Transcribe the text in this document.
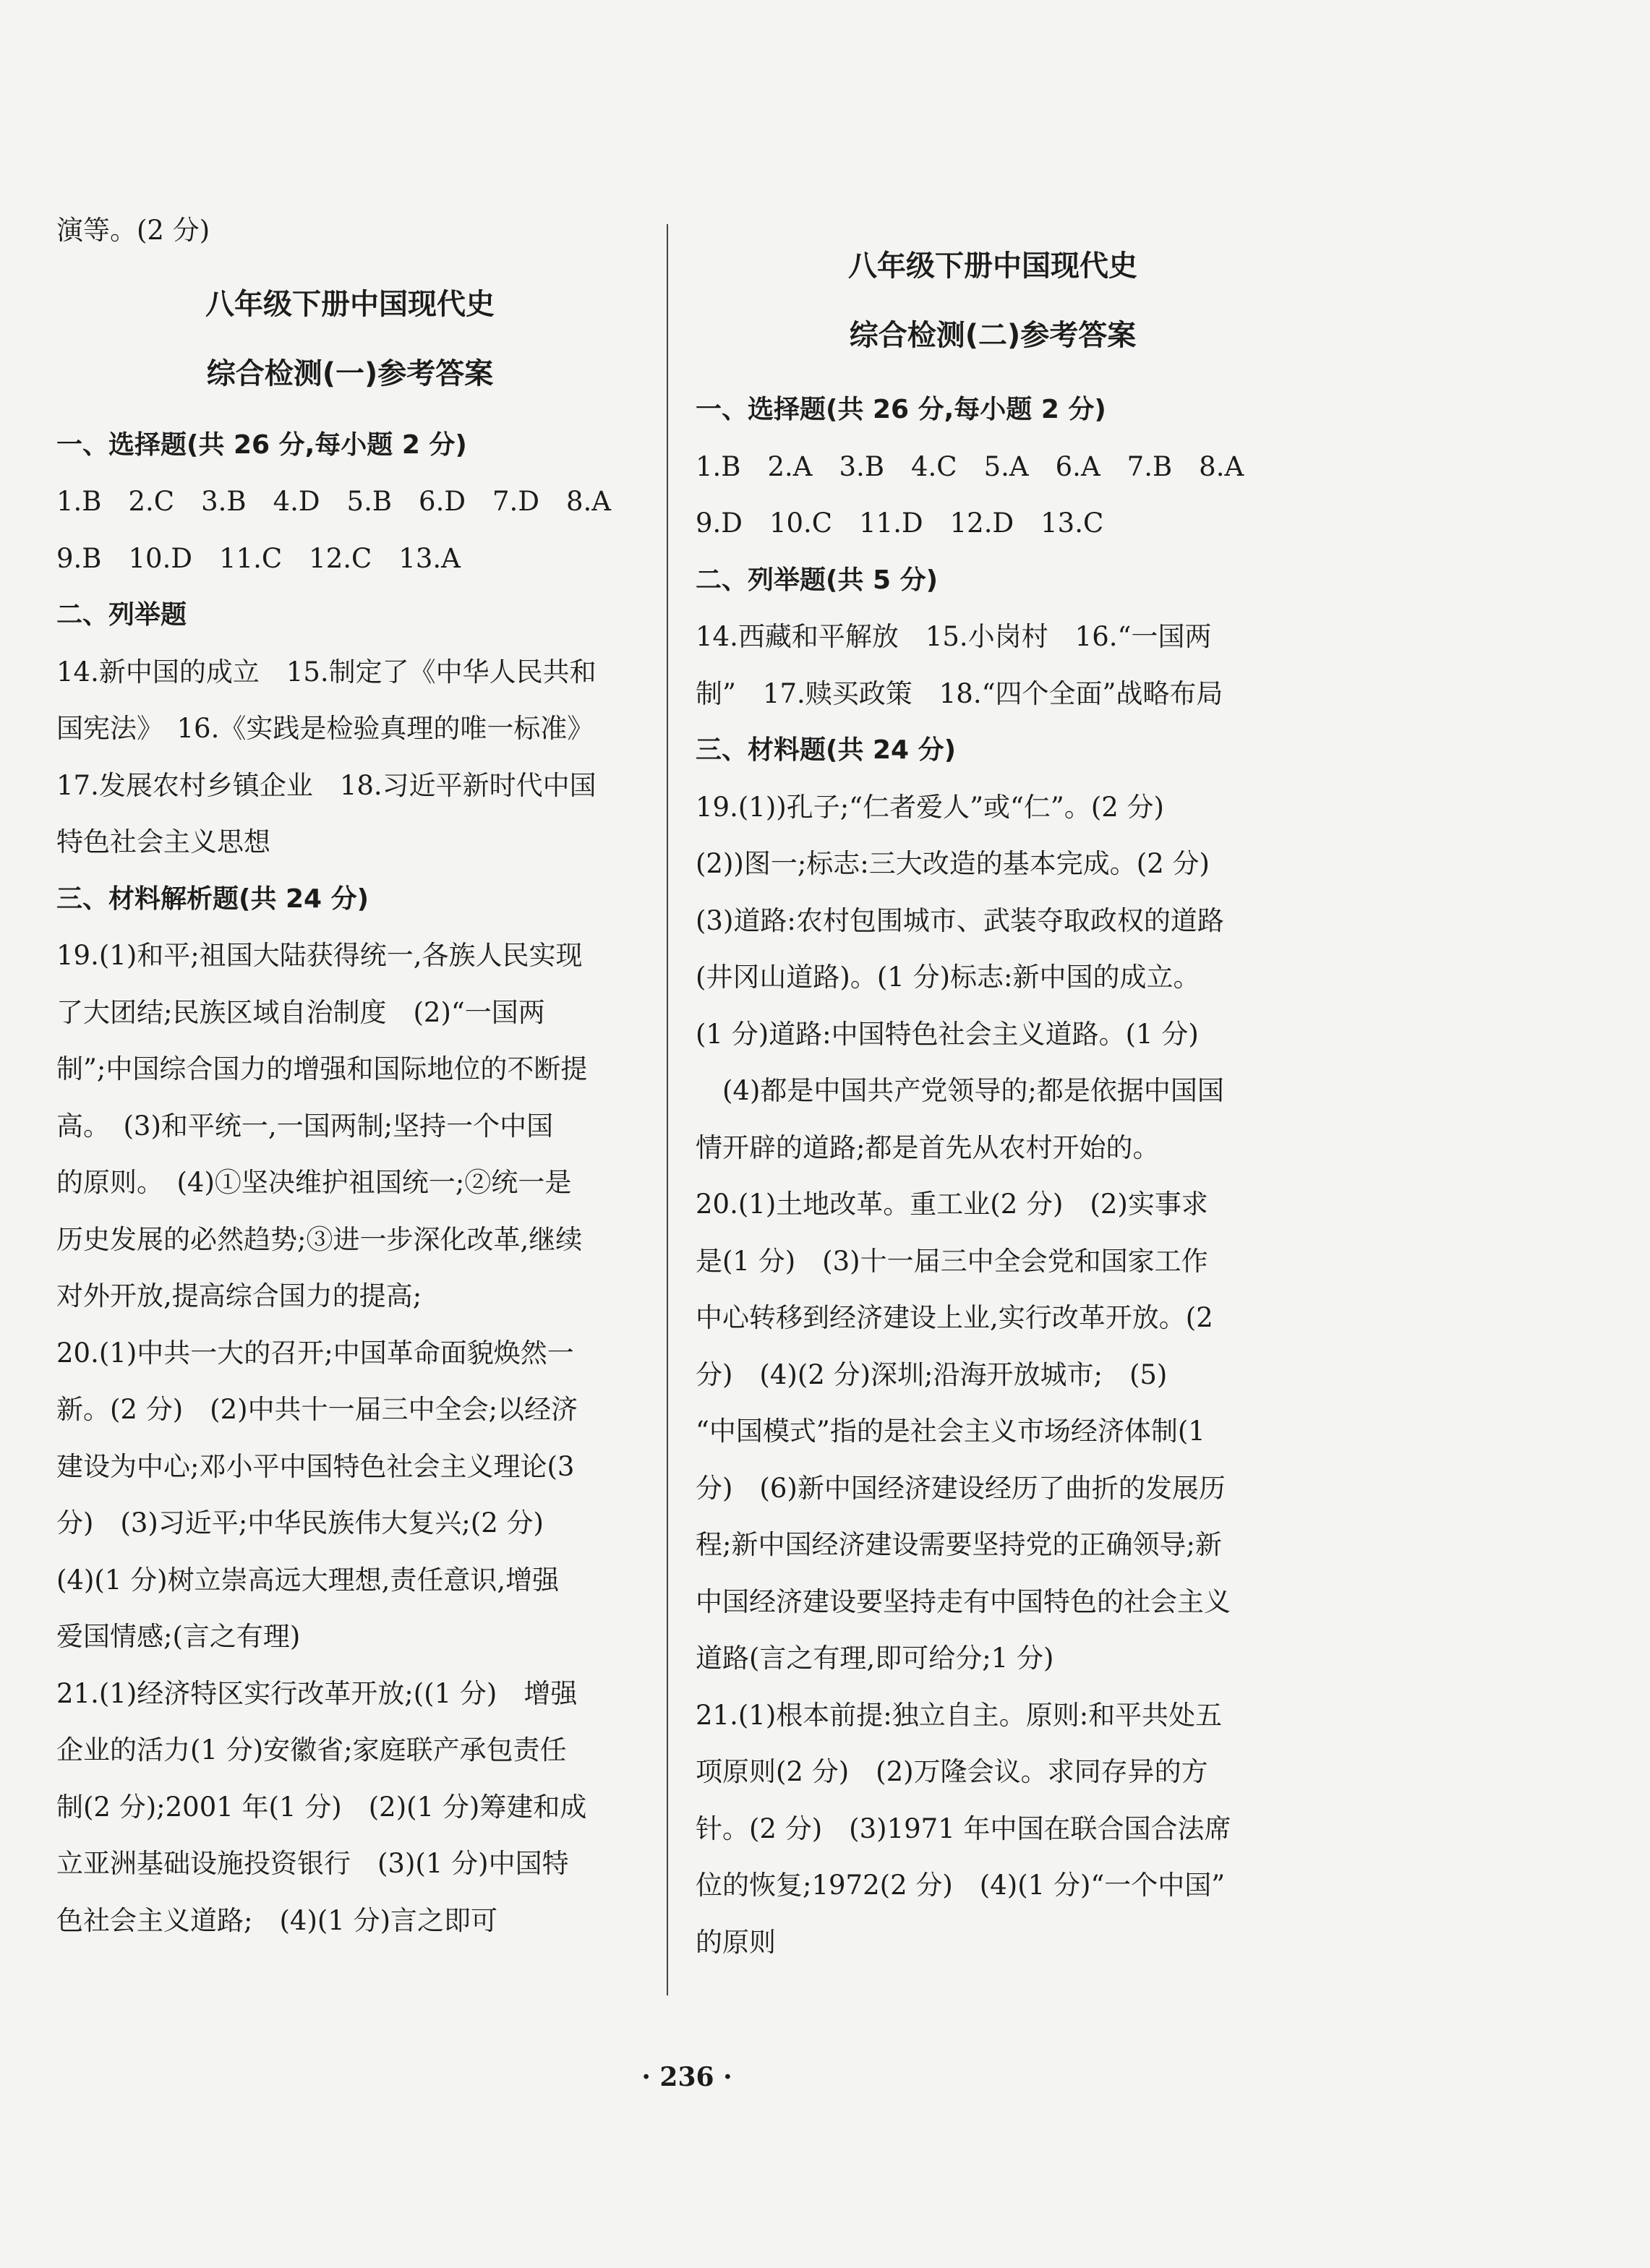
演等。(2 分)
八年级下册中国现代史
综合检测(一)参考答案
一、选择题(共 26 分,每小题 2 分)
1.B　2.C　3.B　4.D　5.B　6.D　7.D　8.A
9.B　10.D　11.C　12.C　13.A
二、列举题
14.新中国的成立　15.制定了《中华人民共和
国宪法》　16.《实践是检验真理的唯一标准》
17.发展农村乡镇企业　18.习近平新时代中国
特色社会主义思想
三、材料解析题(共 24 分)
19.(1)和平;祖国大陆获得统一,各族人民实现
了大团结;民族区域自治制度　(2)“一国两
制”;中国综合国力的增强和国际地位的不断提
高。　(3)和平统一,一国两制;坚持一个中国
的原则。　(4)①坚决维护祖国统一;②统一是
历史发展的必然趋势;③进一步深化改革,继续
对外开放,提高综合国力的提高;
20.(1)中共一大的召开;中国革命面貌焕然一
新。(2 分)　(2)中共十一届三中全会;以经济
建设为中心;邓小平中国特色社会主义理论(3
分)　(3)习近平;中华民族伟大复兴;(2 分)
(4)(1 分)树立崇高远大理想,责任意识,增强
爱国情感;(言之有理)
21.(1)经济特区实行改革开放;((1 分)　增强
企业的活力(1 分)安徽省;家庭联产承包责任
制(2 分);2001 年(1 分)　(2)(1 分)筹建和成
立亚洲基础设施投资银行　(3)(1 分)中国特
色社会主义道路;　(4)(1 分)言之即可
八年级下册中国现代史
综合检测(二)参考答案
一、选择题(共 26 分,每小题 2 分)
1.B　2.A　3.B　4.C　5.A　6.A　7.B　8.A
9.D　10.C　11.D　12.D　13.C
二、列举题(共 5 分)
14.西藏和平解放　15.小岗村　16.“一国两
制”　17.赎买政策　18.“四个全面”战略布局
三、材料题(共 24 分)
19.(1))孔子;“仁者爱人”或“仁”。(2 分)
(2))图一;标志:三大改造的基本完成。(2 分)
(3)道路:农村包围城市、武装夺取政权的道路
(井冈山道路)。(1 分)标志:新中国的成立。
(1 分)道路:中国特色社会主义道路。(1 分)
　(4)都是中国共产党领导的;都是依据中国国
情开辟的道路;都是首先从农村开始的。
20.(1)土地改革。重工业(2 分)　(2)实事求
是(1 分)　(3)十一届三中全会党和国家工作
中心转移到经济建设上业,实行改革开放。(2
分)　(4)(2 分)深圳;沿海开放城市;　(5)
“中国模式”指的是社会主义市场经济体制(1
分)　(6)新中国经济建设经历了曲折的发展历
程;新中国经济建设需要坚持党的正确领导;新
中国经济建设要坚持走有中国特色的社会主义
道路(言之有理,即可给分;1 分)
21.(1)根本前提:独立自主。原则:和平共处五
项原则(2 分)　(2)万隆会议。求同存异的方
针。(2 分)　(3)1971 年中国在联合国合法席
位的恢复;1972(2 分)　(4)(1 分)“一个中国”
的原则
· 236 ·
